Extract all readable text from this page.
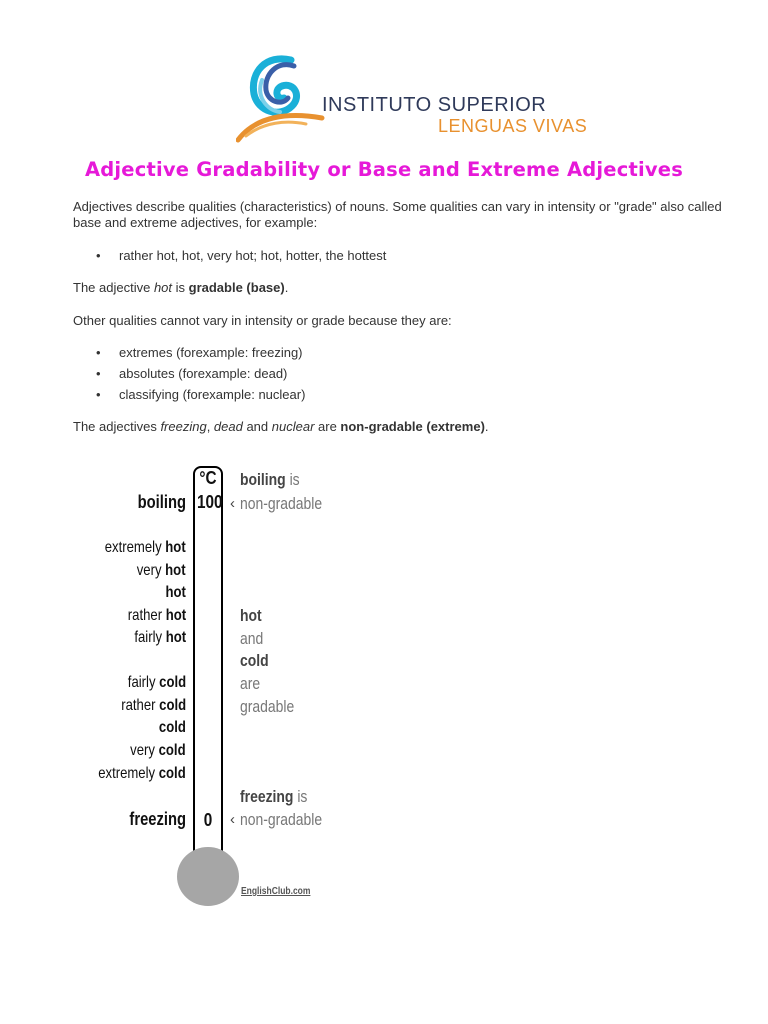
INSTITUTO SUPERIOR
LENGUAS VIVAS
Adjective Gradability or Base and Extreme Adjectives
Adjectives describe qualities (characteristics) of nouns. Some qualities can vary in intensity or "grade" also called base and extreme adjectives, for example:
rather hot, hot, very hot; hot, hotter, the hottest
The adjective hot is gradable (base).
Other qualities cannot vary in intensity or grade because they are:
extremes (forexample: freezing)
absolutes (forexample: dead)
classifying (forexample: nuclear)
The adjectives freezing, dead and nuclear are non-gradable (extreme).
°C
100
0
boiling
extremely hot
very hot
hot
rather hot
fairly hot
fairly cold
rather cold
cold
very cold
extremely cold
freezing
boiling is
‹ non-gradable
hot
and
cold
are
gradable
freezing is
‹ non-gradable
EnglishClub.com
